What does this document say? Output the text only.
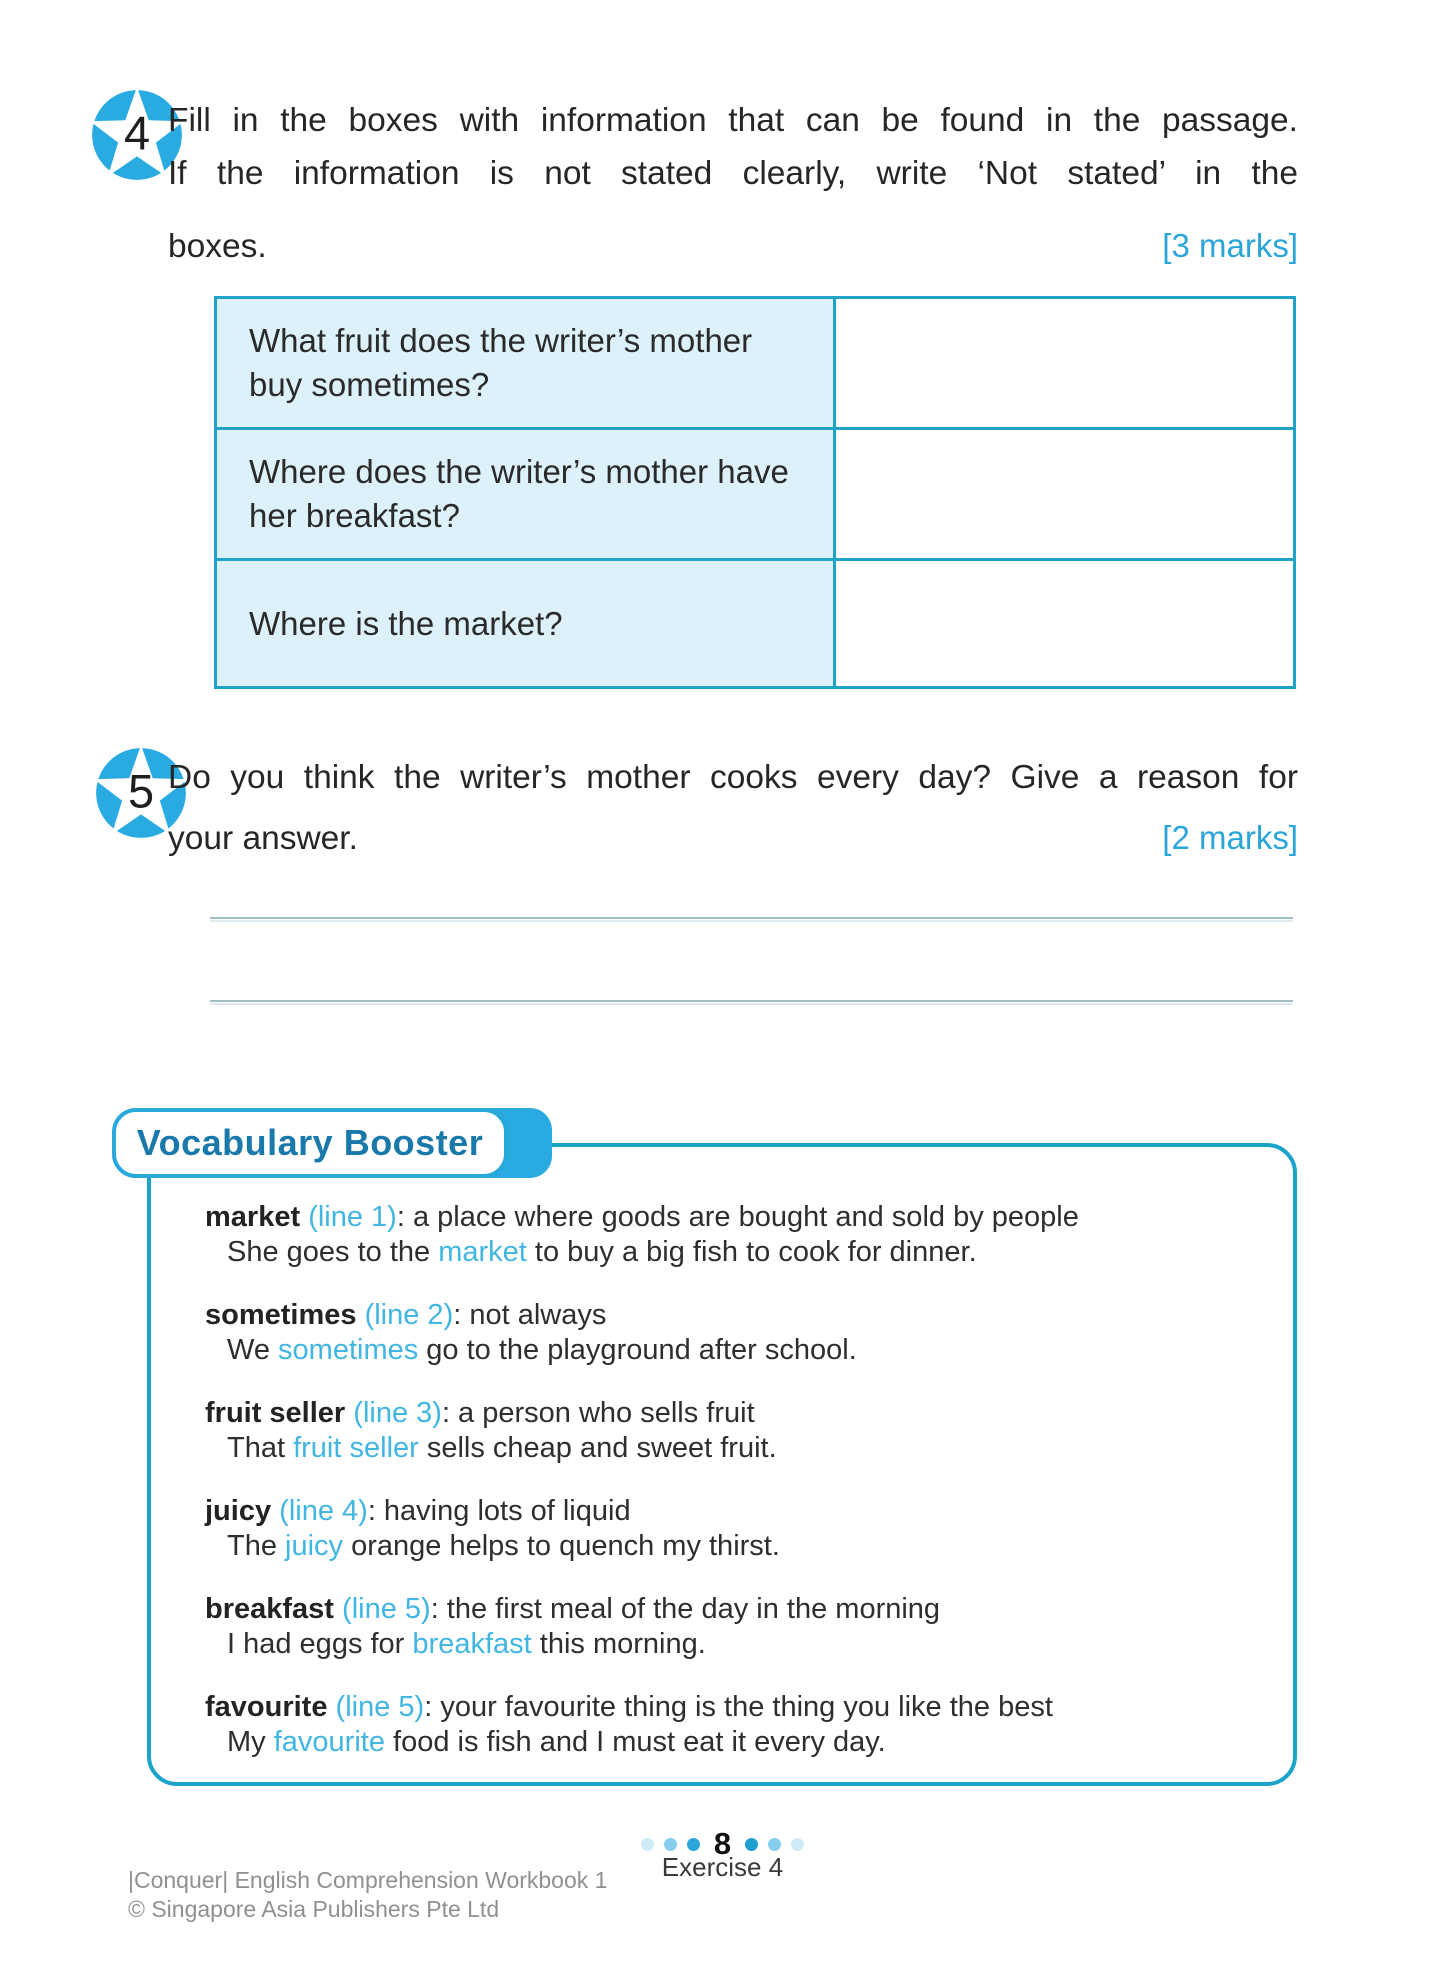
4 Fill in the boxes with information that can be found in the passage.
If the information is not stated clearly, write ‘Not stated’ in the
boxes.	[3 marks]
What fruit does the writer’s mother buy sometimes?
Where does the writer’s mother have her breakfast?
Where is the market?
5 Do you think the writer’s mother cooks every day? Give a reason for
your answer.	[2 marks]
Vocabulary Booster
market (line 1): a place where goods are bought and sold by people
She goes to the market to buy a big fish to cook for dinner.
sometimes (line 2): not always
We sometimes go to the playground after school.
fruit seller (line 3): a person who sells fruit
That fruit seller sells cheap and sweet fruit.
juicy (line 4): having lots of liquid
The juicy orange helps to quench my thirst.
breakfast (line 5): the first meal of the day in the morning
I had eggs for breakfast this morning.
favourite (line 5): your favourite thing is the thing you like the best
My favourite food is fish and I must eat it every day.
8
Exercise 4
|Conquer| English Comprehension Workbook 1
© Singapore Asia Publishers Pte Ltd
